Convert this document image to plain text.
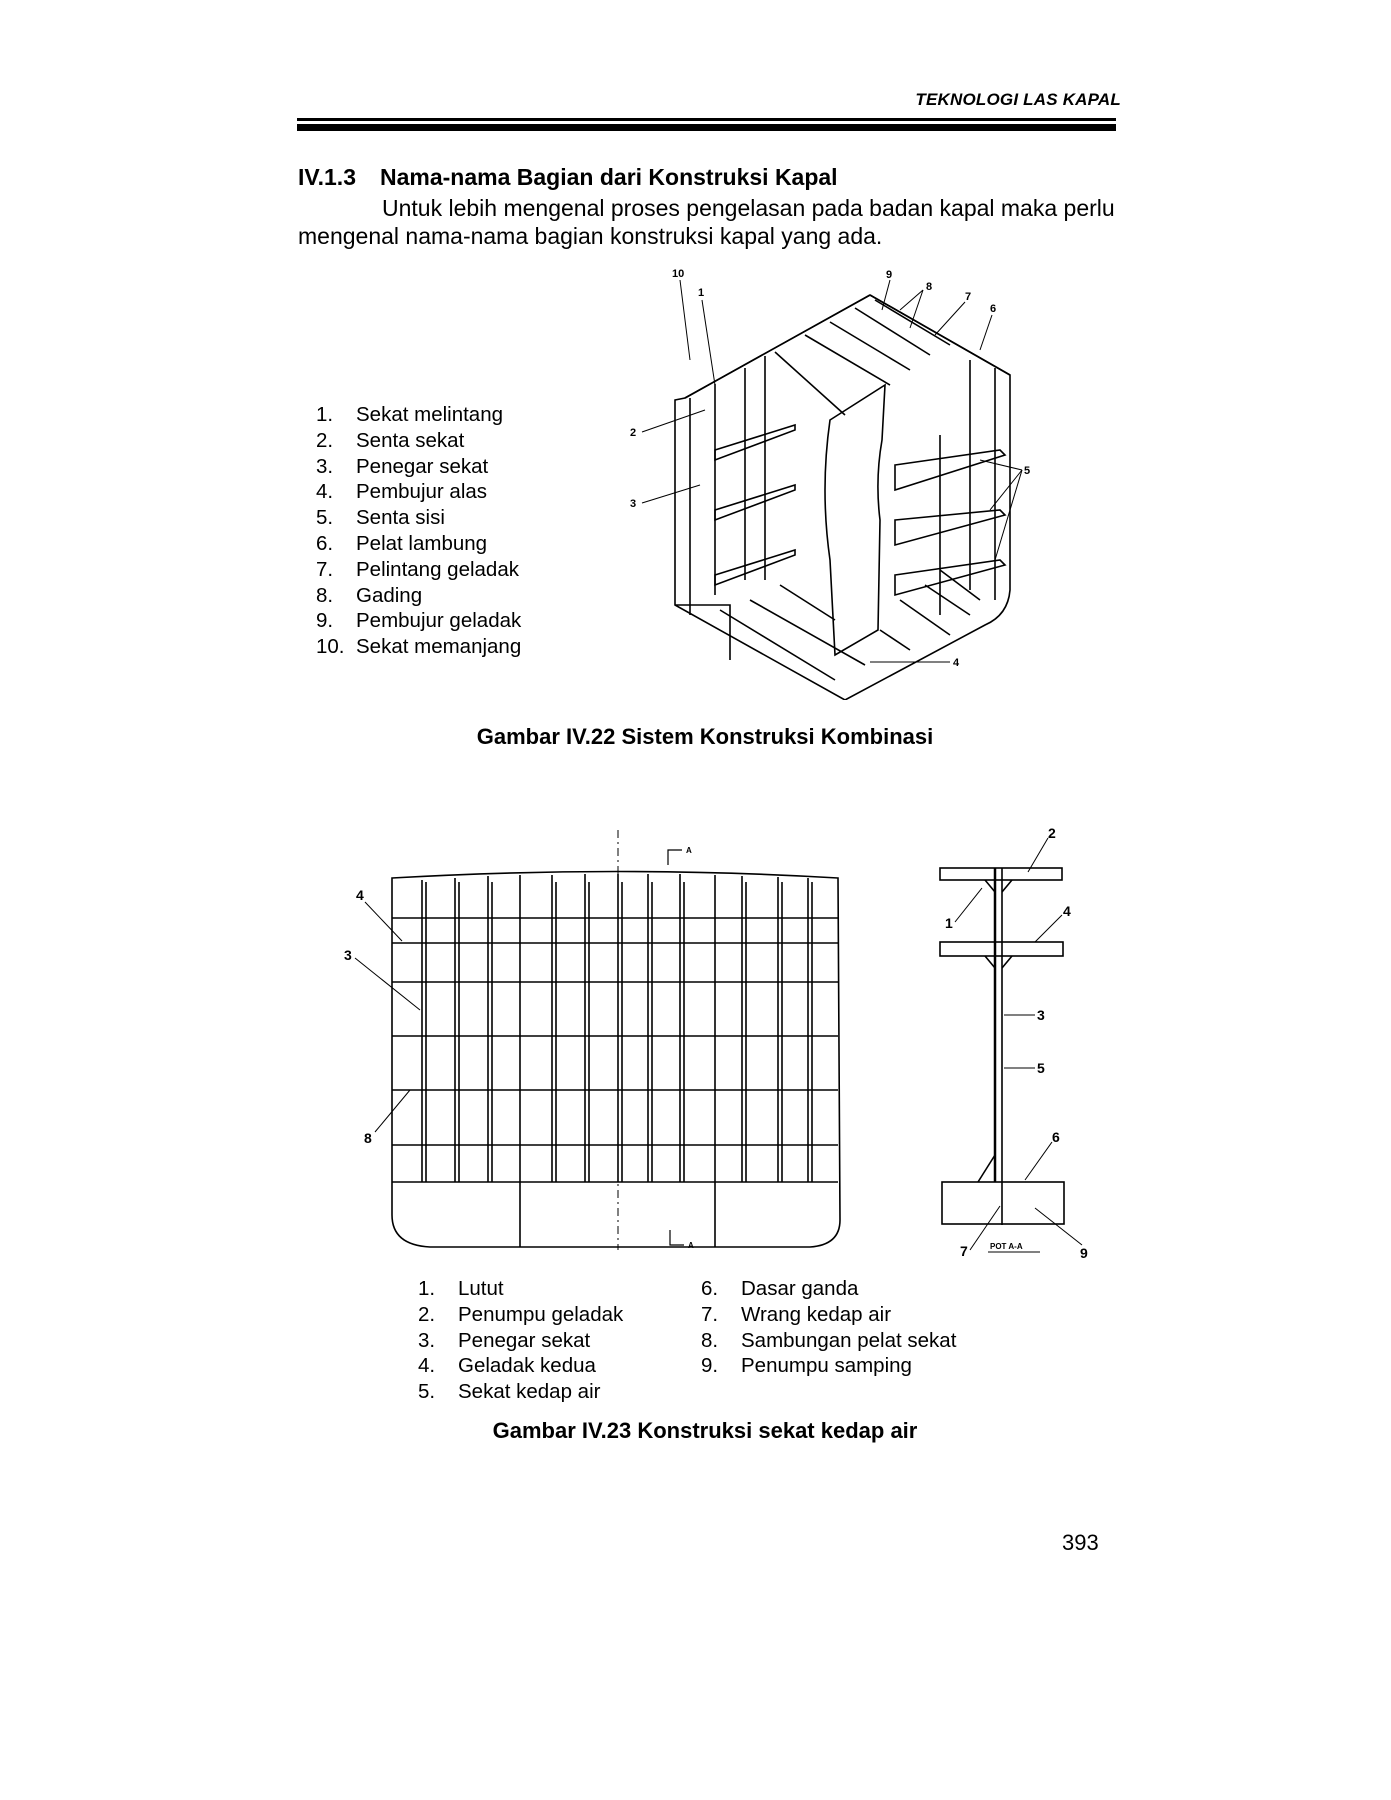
TEKNOLOGI LAS KAPAL
IV.1.3 Nama-nama Bagian dari Konstruksi Kapal
Untuk lebih mengenal proses pengelasan pada badan kapal maka perlu mengenal nama-nama bagian konstruksi kapal yang ada.
1.	Sekat melintang
2.	Senta sekat
3.	Penegar sekat
4.	Pembujur alas
5.	Senta sisi
6.	Pelat lambung
7.	Pelintang geladak
8.	Gading
9.	Pembujur geladak
10. Sekat memanjang
1
2
3
4
5
6
7
8
9
10
Gambar IV.22 Sistem Konstruksi Kombinasi
A
A
4
3
8
2
1
4
3
5
6
7	9
POT A-A
1.	Lutut
2.	Penumpu geladak
3.	Penegar sekat
4.	Geladak kedua
5.	Sekat kedap air
6.	Dasar ganda
7.	Wrang kedap air
8.	Sambungan pelat sekat
9.	Penumpu samping
Gambar IV.23 Konstruksi sekat kedap air
393
